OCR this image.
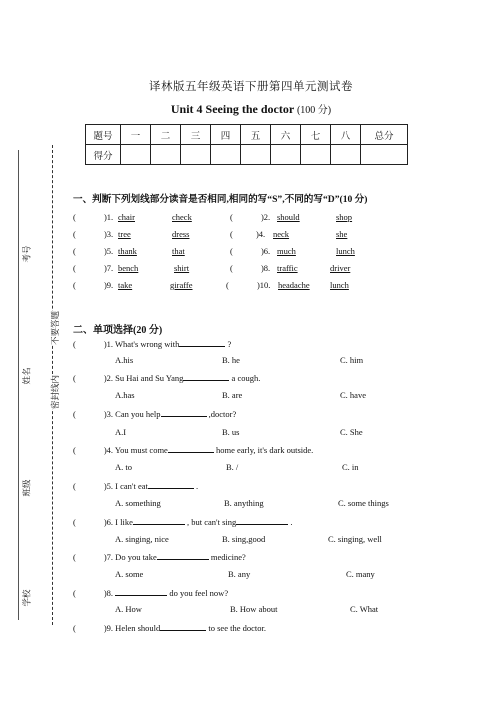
考号
姓名
班级
学校
不要答题
密封线内
译林版五年级英语下册第四单元测试卷
Unit 4 Seeing the doctor (100 分)
题号	一	二	三	四	五	六	七	八	总分
得分									
一、判断下列划线部分读音是否相同,相同的写“S”,不同的写“D”(10 分)
(	)1. chair	check	(	)2. should	shop
(	)3. tree	dress	(	)4. neck	she
(	)5. thank	that	(	)6. much	lunch
(	)7. bench	shirt	(	)8. traffic	driver
(	)9. take	giraffe	(	)10. headache lunch
二、单项选择(20 分)
(	)1. What's wrong with	?
A.his	B. he	C. him
(	)2. Su Hai and Su Yang	a cough.
A.has	B. are	C. have
(	)3. Can you help	,doctor?
A.I	B. us	C. She
(	)4. You must come	home early, it's dark outside.
A. to	B. /	C. in
(	)5. I can't eat	.
A. something	B. anything	C. some things
(	)6. I like	, but can't sing	.
A. singing, nice	B. sing,good	C. singing, well
(	)7. Do you take	medicine?
A. some	B. any	C. many
(	)8.	do you feel now?
A. How	B. How about	C. What
(	)9. Helen should	to see the doctor.
